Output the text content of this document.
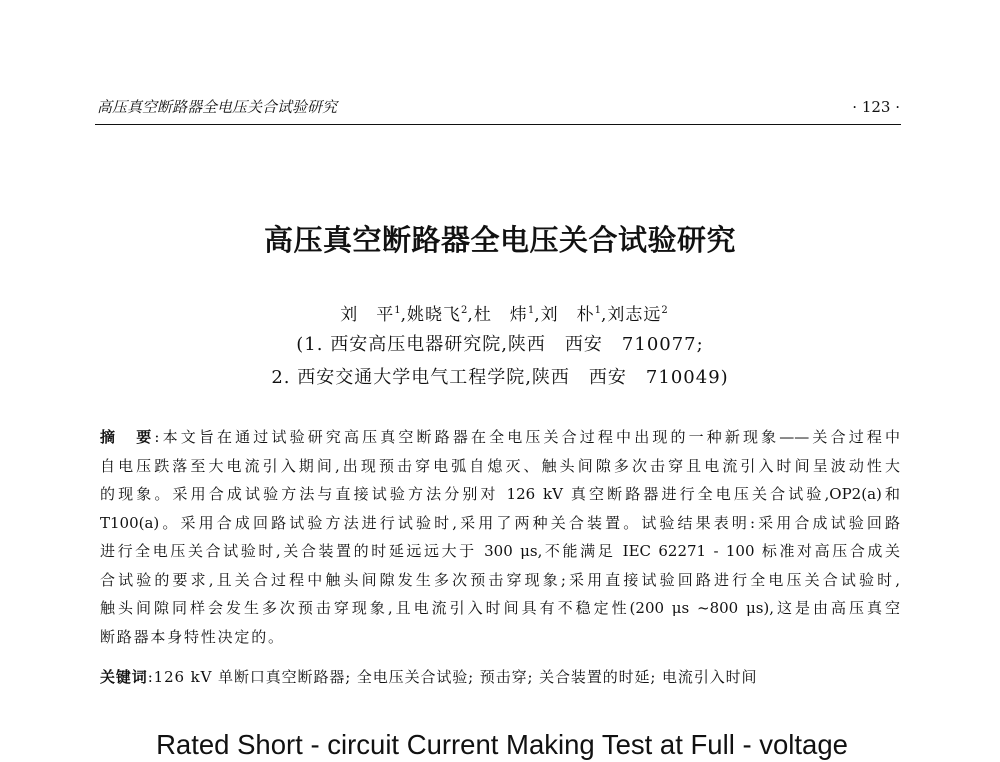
高压真空断路器全电压关合试验研究	· 123 ·
高压真空断路器全电压关合试验研究
刘　平$^1$,姚晓飞$^2$,杜　炜$^1$,刘　朴$^1$,刘志远$^2$
(1. 西安高压电器研究院,陕西　西安　710077;
2. 西安交通大学电气工程学院,陕西　西安　710049)
摘　要:本文旨在通过试验研究高压真空断路器在全电压关合过程中出现的一种新现象——关合过程中
自电压跌落至大电流引入期间,出现预击穿电弧自熄灭、触头间隙多次击穿且电流引入时间呈波动性大
的现象。采用合成试验方法与直接试验方法分别对 126 kV 真空断路器进行全电压关合试验,OP2(a)和
T100(a)。采用合成回路试验方法进行试验时,采用了两种关合装置。试验结果表明:采用合成试验回路
进行全电压关合试验时,关合装置的时延远远大于 300 μs,不能满足 IEC 62271 - 100 标准对高压合成关
合试验的要求,且关合过程中触头间隙发生多次预击穿现象;采用直接试验回路进行全电压关合试验时,
触头间隙同样会发生多次预击穿现象,且电流引入时间具有不稳定性(200 μs ~800 μs),这是由高压真空
断路器本身特性决定的。
关键词:126 kV 单断口真空断路器; 全电压关合试验; 预击穿; 关合装置的时延; 电流引入时间
Rated Short - circuit Current Making Test at Full - voltage
